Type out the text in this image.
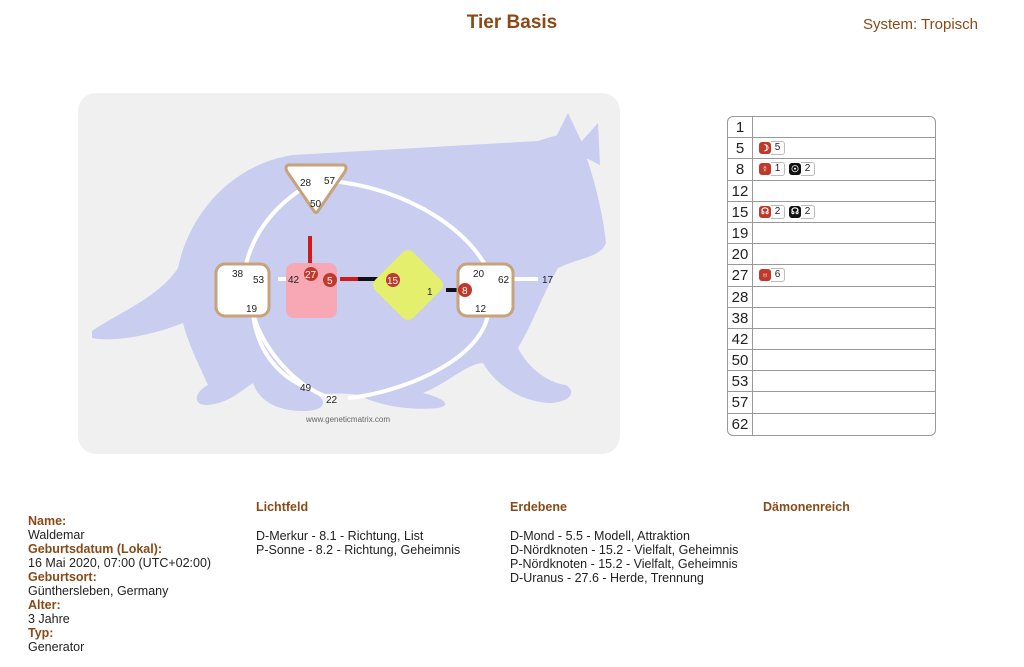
Tier Basis	System: Tropisch
28 57
50
38
53
19
42 27
5	15
1
20
62
12
8
17
49
22
www.geneticmatrix.com
1
5	☽ 5
8	☿ 1	☉ 2
12
15	☊ 2	☊ 2
19
20
27	♅ 6
28
38
42
50
53
57
62
Name:
Waldemar
Geburtsdatum (Lokal):
16 Mai 2020, 07:00 (UTC+02:00)
Geburtsort:
Günthersleben, Germany
Alter:
3 Jahre
Typ:
Generator
Lichtfeld
D-Merkur - 8.1 - Richtung, List
P-Sonne - 8.2 - Richtung, Geheimnis
Erdebene
D-Mond - 5.5 - Modell, Attraktion
D-Nördknoten - 15.2 - Vielfalt, Geheimnis
P-Nördknoten - 15.2 - Vielfalt, Geheimnis
D-Uranus - 27.6 - Herde, Trennung
Dämonenreich
